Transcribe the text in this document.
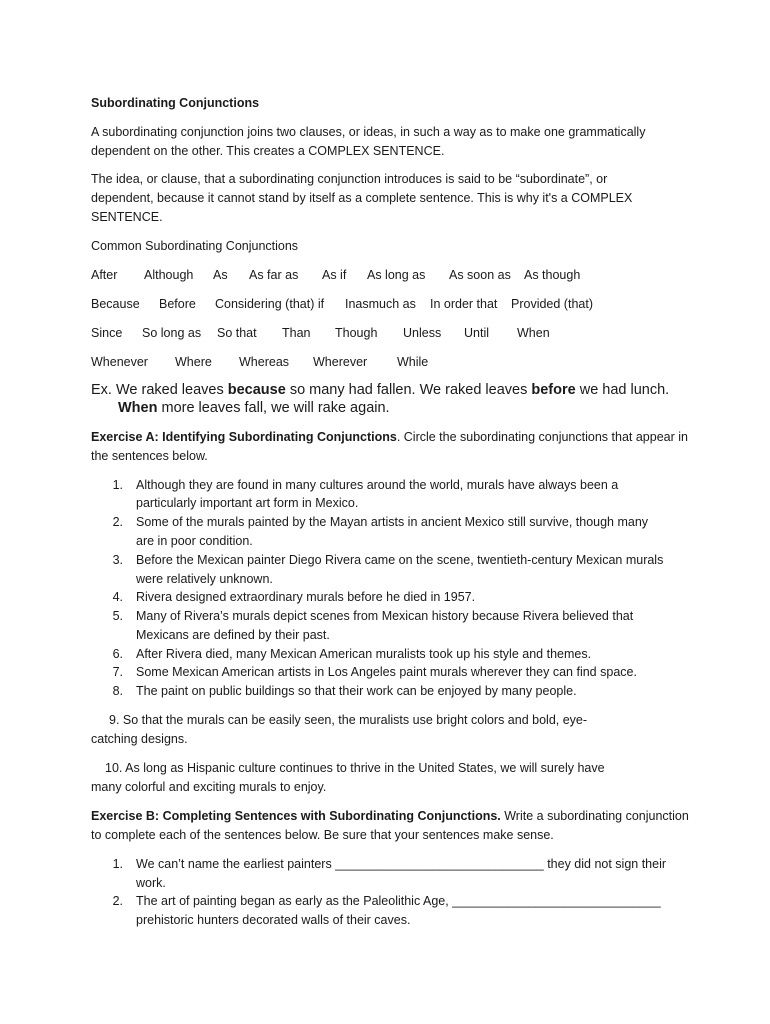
Subordinating Conjunctions
A subordinating conjunction joins two clauses, or ideas, in such a way as to make one grammatically
dependent on the other. This creates a COMPLEX SENTENCE.
The idea, or clause, that a subordinating conjunction introduces is said to be “subordinate”, or
dependent, because it cannot stand by itself as a complete sentence. This is why it's a COMPLEX
SENTENCE.
Common Subordinating Conjunctions
After Although As As far as As if As long as As soon as As though
Because Before Considering (that) if Inasmuch as In order that Provided (that)
Since So long as So that Than Though Unless Until When
Whenever Where Whereas Wherever While
Ex. We raked leaves because so many had fallen. We raked leaves before we had lunch.
When more leaves fall, we will rake again.
Exercise A: Identifying Subordinating Conjunctions. Circle the subordinating conjunctions that appear in
the sentences below.
1. Although they are found in many cultures around the world, murals have always been a
particularly important art form in Mexico.
2. Some of the murals painted by the Mayan artists in ancient Mexico still survive, though many
are in poor condition.
3. Before the Mexican painter Diego Rivera came on the scene, twentieth-century Mexican murals
were relatively unknown.
4. Rivera designed extraordinary murals before he died in 1957.
5. Many of Rivera’s murals depict scenes from Mexican history because Rivera believed that
Mexicans are defined by their past.
6. After Rivera died, many Mexican American muralists took up his style and themes.
7. Some Mexican American artists in Los Angeles paint murals wherever they can find space.
8. The paint on public buildings so that their work can be enjoyed by many people.
9. So that the murals can be easily seen, the muralists use bright colors and bold, eye-
catching designs.
10. As long as Hispanic culture continues to thrive in the United States, we will surely have
many colorful and exciting murals to enjoy.
Exercise B: Completing Sentences with Subordinating Conjunctions. Write a subordinating conjunction
to complete each of the sentences below. Be sure that your sentences make sense.
1. We can’t name the earliest painters ______________________________ they did not sign their
work.
2. The art of painting began as early as the Paleolithic Age, ______________________________
prehistoric hunters decorated walls of their caves.
